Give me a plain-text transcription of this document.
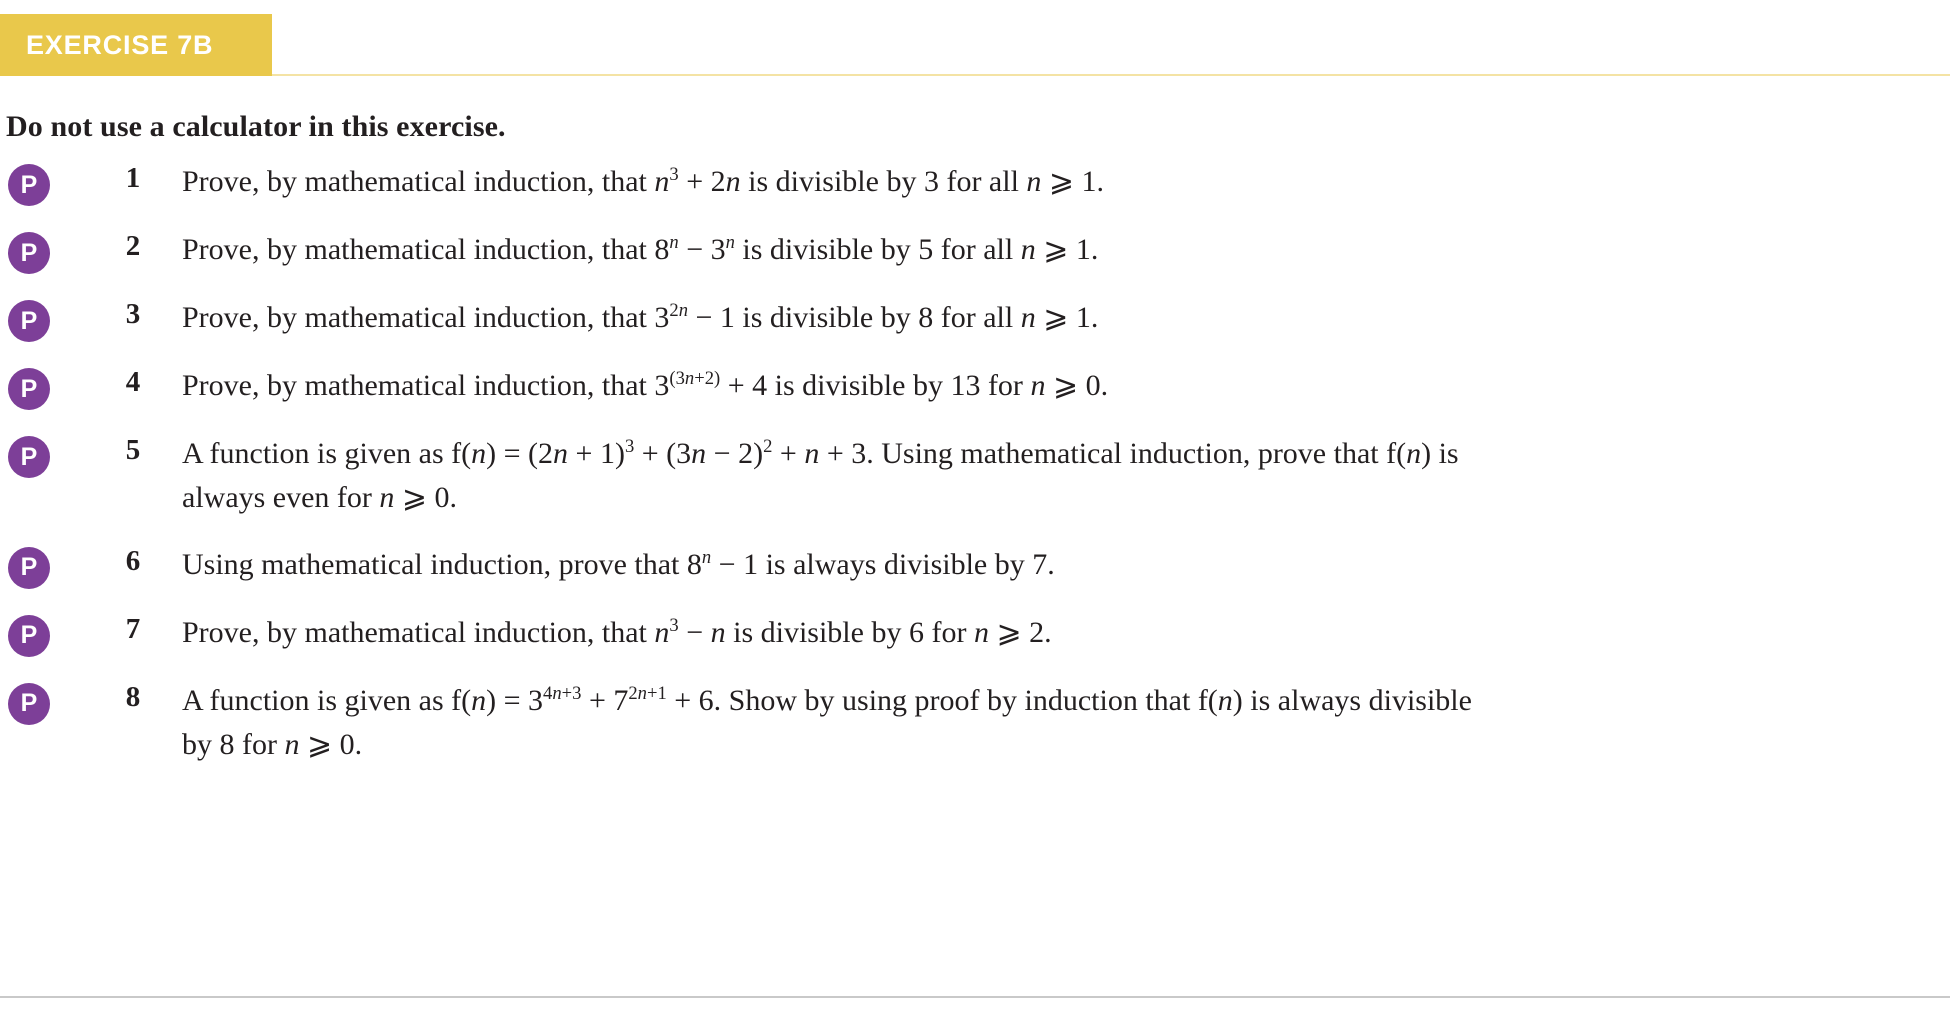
EXERCISE 7B
Do not use a calculator in this exercise.
P	1	Prove, by mathematical induction, that $n^3 + 2n$ is divisible by 3 for all n ⩾ 1.
P	2	Prove, by mathematical induction, that $8^n - 3^n$ is divisible by 5 for all n ⩾ 1.
P	3	Prove, by mathematical induction, that $3^{2n} - 1$ is divisible by 8 for all n ⩾ 1.
P	4	Prove, by mathematical induction, that $3^{(3n+2)} + 4$ is divisible by 13 for n ⩾ 0.
P	5	A function is given as $f(n) = (2n + 1)^3 + (3n - 2)^2 + n + 3$. Using mathematical induction, prove that f(n) is
always even for n ⩾ 0.
P	6	Using mathematical induction, prove that $8^n - 1$ is always divisible by 7.
P	7	Prove, by mathematical induction, that $n^3 - n$ is divisible by 6 for n ⩾ 2.
P	8	A function is given as $f(n) = 3^{4n+3} + 7^{2n+1} + 6$. Show by using proof by induction that f(n) is always divisible
by 8 for n ⩾ 0.
